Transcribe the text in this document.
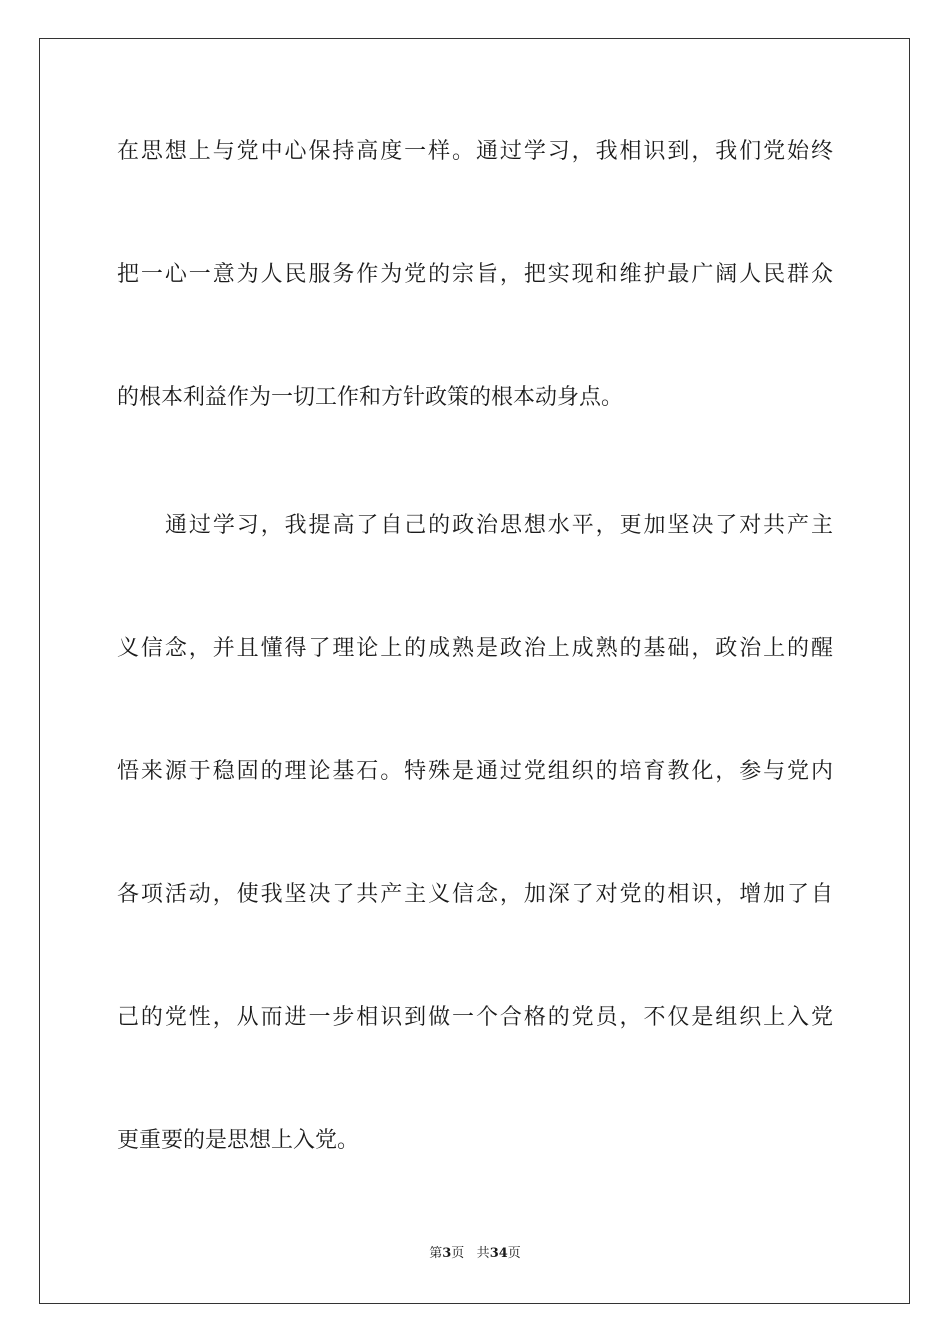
在思想上与党中心保持高度一样。通过学习，我相识到，我们党始终
把一心一意为人民服务作为党的宗旨，把实现和维护最广阔人民群众
的根本利益作为一切工作和方针政策的根本动身点。
通过学习，我提高了自己的政治思想水平，更加坚决了对共产主
义信念，并且懂得了理论上的成熟是政治上成熟的基础，政治上的醒
悟来源于稳固的理论基石。特殊是通过党组织的培育教化，参与党内
各项活动，使我坚决了共产主义信念，加深了对党的相识，增加了自
己的党性，从而进一步相识到做一个合格的党员，不仅是组织上入党
更重要的是思想上入党。
第3页 共34页
